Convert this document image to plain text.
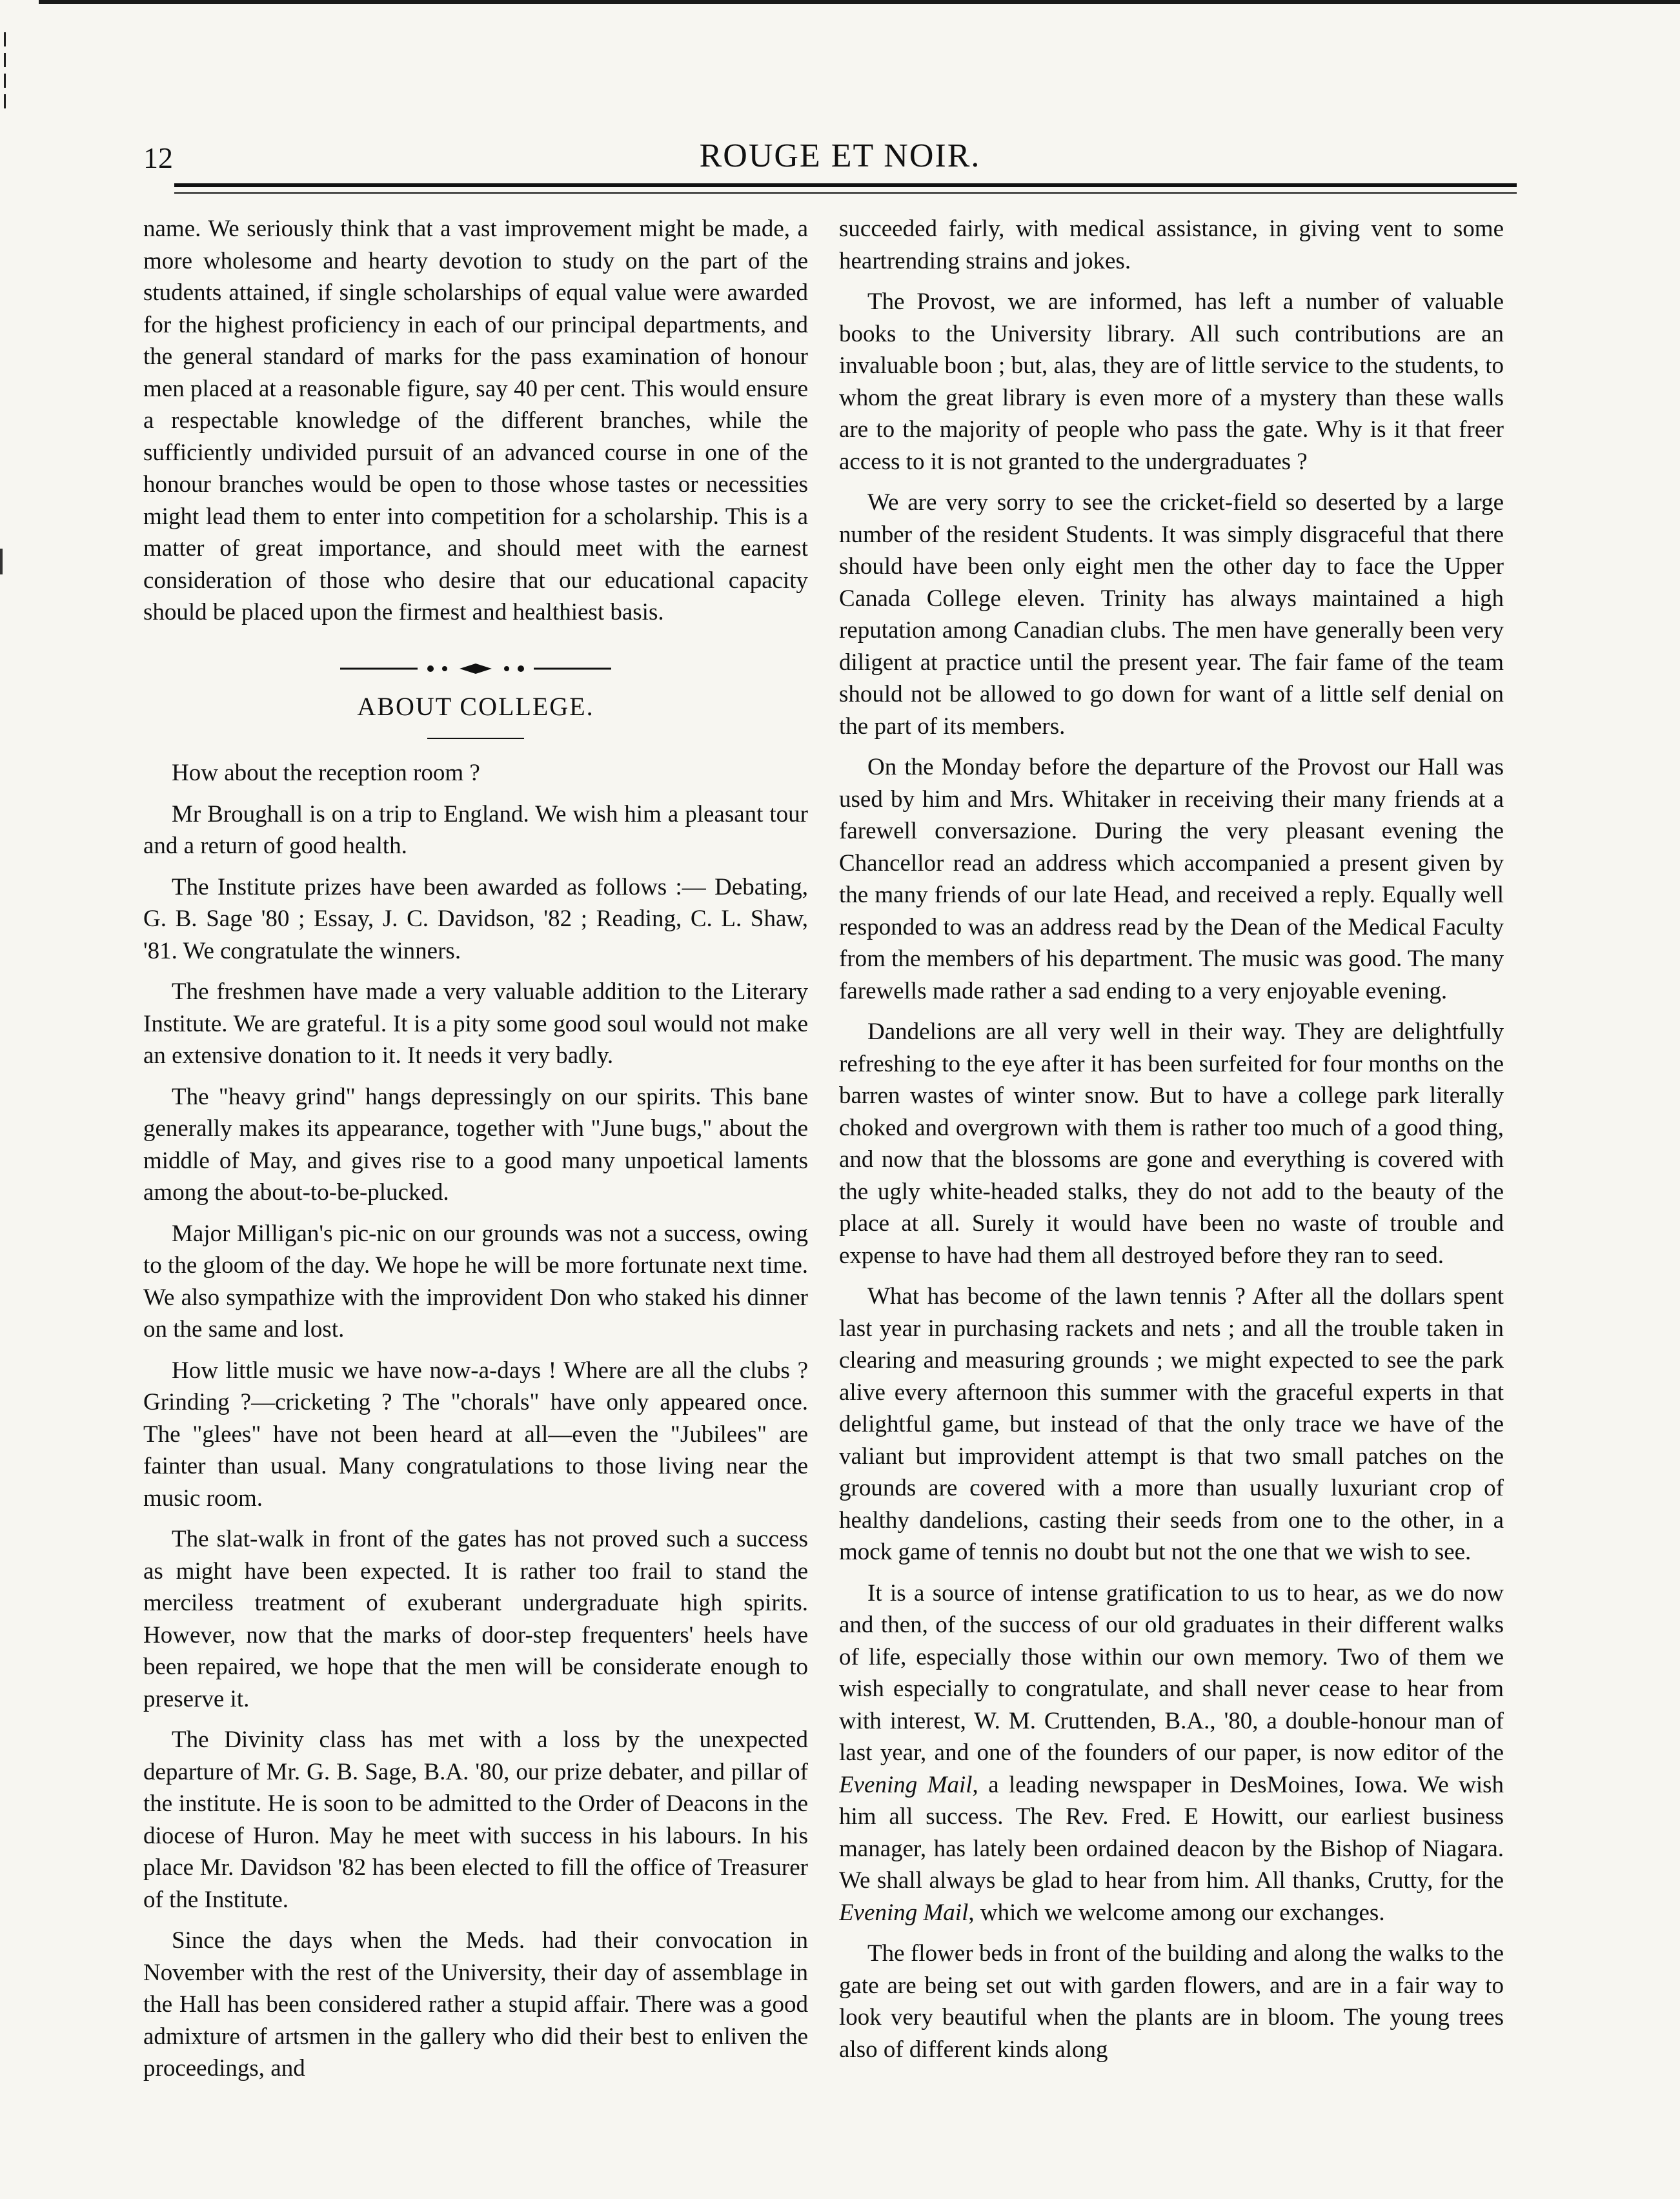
12	ROUGE ET NOIR.

name. We seriously think that a vast improvement might be made, a more wholesome and hearty devotion to study on the part of the students attained, if single scholarships of equal value were awarded for the highest proficiency in each of our principal departments, and the general standard of marks for the pass examination of honour men placed at a reasonable figure, say 40 per cent. This would ensure a respectable knowledge of the different branches, while the sufficiently undivided pursuit of an advanced course in one of the honour branches would be open to those whose tastes or necessities might lead them to enter into competition for a scholarship. This is a matter of great importance, and should meet with the earnest consideration of those who desire that our educational capacity should be placed upon the firmest and healthiest basis.

ABOUT COLLEGE.

How about the reception room ?

Mr Broughall is on a trip to England. We wish him a pleasant tour and a return of good health.

The Institute prizes have been awarded as follows :— Debating, G. B. Sage '80 ; Essay, J. C. Davidson, '82 ; Reading, C. L. Shaw, '81. We congratulate the winners.

The freshmen have made a very valuable addition to the Literary Institute. We are grateful. It is a pity some good soul would not make an extensive donation to it. It needs it very badly.

The "heavy grind" hangs depressingly on our spirits. This bane generally makes its appearance, together with "June bugs," about the middle of May, and gives rise to a good many unpoetical laments among the about-to-be-plucked.

Major Milligan's pic-nic on our grounds was not a success, owing to the gloom of the day. We hope he will be more fortunate next time. We also sympathize with the improvident Don who staked his dinner on the same and lost.

How little music we have now-a-days ! Where are all the clubs ? Grinding ?—cricketing ? The "chorals" have only appeared once. The "glees" have not been heard at all—even the "Jubilees" are fainter than usual. Many congratulations to those living near the music room.

The slat-walk in front of the gates has not proved such a success as might have been expected. It is rather too frail to stand the merciless treatment of exuberant undergraduate high spirits. However, now that the marks of door-step frequenters' heels have been repaired, we hope that the men will be considerate enough to preserve it.

The Divinity class has met with a loss by the unexpected departure of Mr. G. B. Sage, B.A. '80, our prize debater, and pillar of the institute. He is soon to be admitted to the Order of Deacons in the diocese of Huron. May he meet with success in his labours. In his place Mr. Davidson '82 has been elected to fill the office of Treasurer of the Institute.

Since the days when the Meds. had their convocation in November with the rest of the University, their day of assemblage in the Hall has been considered rather a stupid affair. There was a good admixture of artsmen in the gallery who did their best to enliven the proceedings, and

succeeded fairly, with medical assistance, in giving vent to some heartrending strains and jokes.

The Provost, we are informed, has left a number of valuable books to the University library. All such contributions are an invaluable boon ; but, alas, they are of little service to the students, to whom the great library is even more of a mystery than these walls are to the majority of people who pass the gate. Why is it that freer access to it is not granted to the undergraduates ?

We are very sorry to see the cricket-field so deserted by a large number of the resident Students. It was simply disgraceful that there should have been only eight men the other day to face the Upper Canada College eleven. Trinity has always maintained a high reputation among Canadian clubs. The men have generally been very diligent at practice until the present year. The fair fame of the team should not be allowed to go down for want of a little self denial on the part of its members.

On the Monday before the departure of the Provost our Hall was used by him and Mrs. Whitaker in receiving their many friends at a farewell conversazione. During the very pleasant evening the Chancellor read an address which accompanied a present given by the many friends of our late Head, and received a reply. Equally well responded to was an address read by the Dean of the Medical Faculty from the members of his department. The music was good. The many farewells made rather a sad ending to a very enjoyable evening.

Dandelions are all very well in their way. They are delightfully refreshing to the eye after it has been surfeited for four months on the barren wastes of winter snow. But to have a college park literally choked and overgrown with them is rather too much of a good thing, and now that the blossoms are gone and everything is covered with the ugly white-headed stalks, they do not add to the beauty of the place at all. Surely it would have been no waste of trouble and expense to have had them all destroyed before they ran to seed.

What has become of the lawn tennis ? After all the dollars spent last year in purchasing rackets and nets ; and all the trouble taken in clearing and measuring grounds ; we might expected to see the park alive every afternoon this summer with the graceful experts in that delightful game, but instead of that the only trace we have of the valiant but improvident attempt is that two small patches on the grounds are covered with a more than usually luxuriant crop of healthy dandelions, casting their seeds from one to the other, in a mock game of tennis no doubt but not the one that we wish to see.

It is a source of intense gratification to us to hear, as we do now and then, of the success of our old graduates in their different walks of life, especially those within our own memory. Two of them we wish especially to congratulate, and shall never cease to hear from with interest, W. M. Cruttenden, B.A., '80, a double-honour man of last year, and one of the founders of our paper, is now editor of the Evening Mail, a leading newspaper in DesMoines, Iowa. We wish him all success. The Rev. Fred. E Howitt, our earliest business manager, has lately been ordained deacon by the Bishop of Niagara. We shall always be glad to hear from him. All thanks, Crutty, for the Evening Mail, which we welcome among our exchanges.

The flower beds in front of the building and along the walks to the gate are being set out with garden flowers, and are in a fair way to look very beautiful when the plants are in bloom. The young trees also of different kinds along
